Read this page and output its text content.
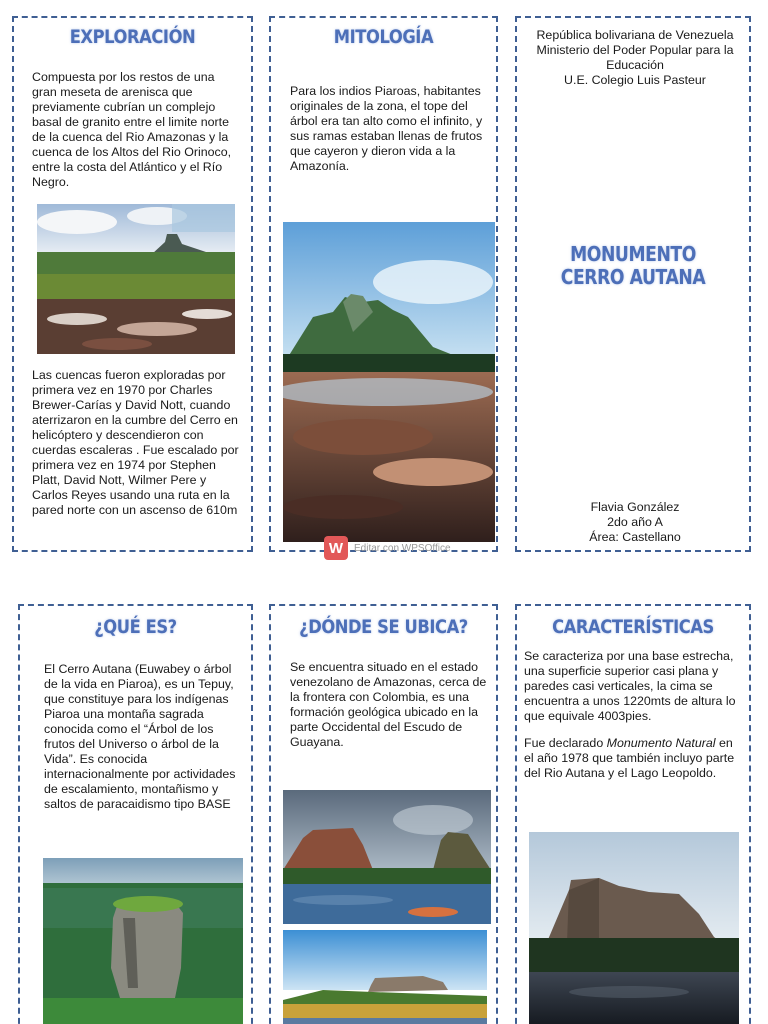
EXPLORACIÓN
Compuesta por los restos de una gran meseta de arenisca que previamente cubrían un complejo basal de granito entre el limite norte de la cuenca del Rio Amazonas y la cuenca de los Altos del Rio Orinoco, entre la costa del Atlántico y el Río Negro.
Las cuencas fueron exploradas por primera vez en 1970 por Charles Brewer-Carías y David Nott, cuando aterrizaron en la cumbre del Cerro en helicóptero y descendieron con cuerdas escaleras . Fue escalado por primera vez en 1974 por Stephen Platt, David Nott, Wilmer Pere y Carlos Reyes usando una ruta en la pared norte con un ascenso de 610m
MITOLOGÍA
Para los indios Piaroas, habitantes originales de la zona, el tope del árbol era tan alto como el infinito, y sus ramas estaban llenas de frutos que cayeron y dieron vida a la Amazonía.
W	Editar con WPSOffice
República bolivariana de Venezuela
Ministerio del Poder Popular para la Educación
U.E. Colegio Luis Pasteur
MONUMENTO
CERRO AUTANA
Flavia González
2do año A
Área: Castellano
¿QUÉ ES?
El Cerro Autana (Euwabey o árbol de la vida en Piaroa), es un Tepuy, que constituye para los indígenas Piaroa una montaña sagrada conocida como el “Árbol de los frutos del Universo o árbol de la Vida”. Es conocida internacionalmente por actividades de escalamiento, montañismo y saltos de paracaidismo tipo BASE
¿DÓNDE SE UBICA?
Se encuentra situado en el estado venezolano de Amazonas, cerca de la frontera con Colombia, es una formación geológica ubicado en la parte Occidental del Escudo de Guayana.
CARACTERÍSTICAS
Se caracteriza por una base estrecha, una superficie superior casi plana y paredes casi verticales, la cima se encuentra a unos 1220mts de altura lo que equivale 4003pies.
Fue declarado Monumento Natural en el año 1978 que también incluyo parte del Rio Autana y el Lago Leopoldo.
